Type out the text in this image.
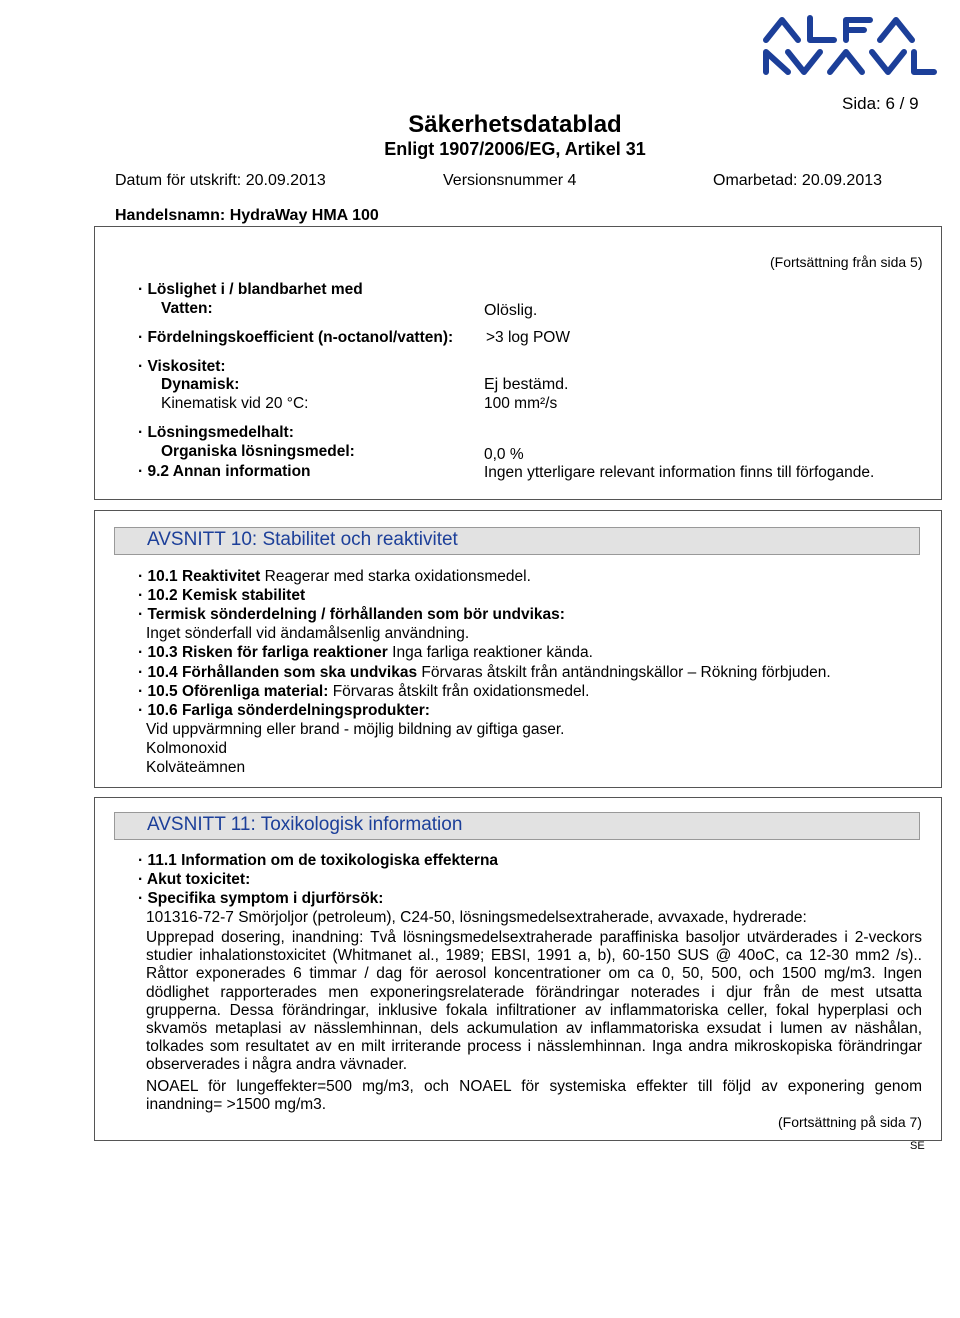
Sida: 6 / 9
Säkerhetsdatablad
Enligt 1907/2006/EG, Artikel 31
Datum för utskrift: 20.09.2013	Versionsnummer 4	Omarbetad: 20.09.2013
Handelsnamn: HydraWay HMA 100
(Fortsättning från sida 5)
· Löslighet i / blandbarhet med
Vatten:	Olöslig.
· Fördelningskoefficient (n-octanol/vatten): >3 log POW
· Viskositet:
Dynamisk:	Ej bestämd.
Kinematisk vid 20 °C:	100 mm²/s
· Lösningsmedelhalt:
Organiska lösningsmedel:	0,0 %
· 9.2 Annan information	Ingen ytterligare relevant information finns till förfogande.
AVSNITT 10: Stabilitet och reaktivitet
· 10.1 Reaktivitet Reagerar med starka oxidationsmedel.
· 10.2 Kemisk stabilitet
· Termisk sönderdelning / förhållanden som bör undvikas:
Inget sönderfall vid ändamålsenlig användning.
· 10.3 Risken för farliga reaktioner Inga farliga reaktioner kända.
· 10.4 Förhållanden som ska undvikas Förvaras åtskilt från antändningskällor – Rökning förbjuden.
· 10.5 Oförenliga material: Förvaras åtskilt från oxidationsmedel.
· 10.6 Farliga sönderdelningsprodukter:
Vid uppvärmning eller brand - möjlig bildning av giftiga gaser.
Kolmonoxid
Kolväteämnen
AVSNITT 11: Toxikologisk information
· 11.1 Information om de toxikologiska effekterna
· Akut toxicitet:
· Specifika symptom i djurförsök:
101316-72-7 Smörjoljor (petroleum), C24-50, lösningsmedelsextraherade, avvaxade, hydrerade:
Upprepad dosering, inandning: Två lösningsmedelsextraherade paraffiniska basoljor utvärderades i 2-veckors studier inhalationstoxicitet (Whitmanet al., 1989; EBSI, 1991 a, b), 60-150 SUS @ 40oC, ca 12-30 mm2 /s).. Råttor exponerades 6 timmar / dag för aerosol koncentrationer om ca 0, 50, 500, och 1500 mg/m3. Ingen dödlighet rapporterades men exponeringsrelaterade förändringar noterades i djur från de mest utsatta grupperna. Dessa förändringar, inklusive fokala infiltrationer av inflammatoriska celler, fokal hyperplasi och skvamös metaplasi av nässlemhinnan, dels ackumulation av inflammatoriska exsudat i lumen av näshålan, tolkades som resultatet av en milt irriterande process i nässlemhinnan. Inga andra mikroskopiska förändringar observerades i några andra vävnader.
NOAEL för lungeffekter=500 mg/m3, och NOAEL för systemiska effekter till följd av exponering genom inandning= >1500 mg/m3.
(Fortsättning på sida 7)
SE
